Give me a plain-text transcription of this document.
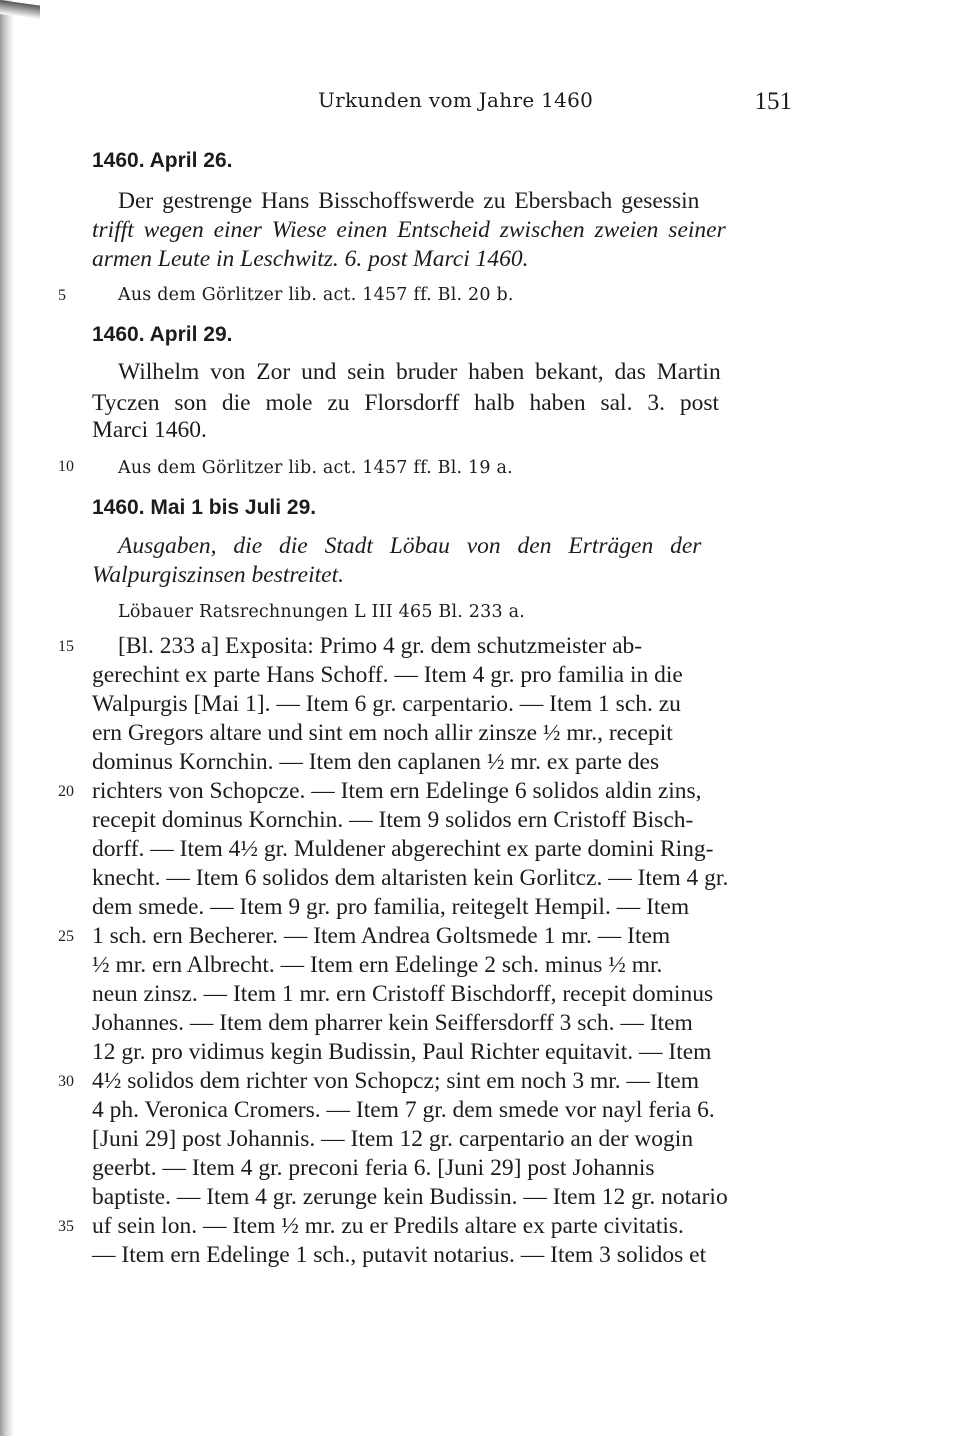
Urkunden vom Jahre 1460	151
1460. April 26.
Der gestrenge Hans Bisschoffswerde zu Ebersbach gesessin
trifft wegen einer Wiese einen Entscheid zwischen zweien seiner
armen Leute in Leschwitz. 6. post Marci 1460.
5	Aus dem Görlitzer lib. act. 1457 ff. Bl. 20 b.
1460. April 29.
Wilhelm von Zor und sein bruder haben bekant, das Martin
Tyczen son die mole zu Florsdorff halb haben sal. 3. post
Marci 1460.
10	Aus dem Görlitzer lib. act. 1457 ff. Bl. 19 a.
1460. Mai 1 bis Juli 29.
Ausgaben, die die Stadt Löbau von den Erträgen der
Walpurgiszinsen bestreitet.
Löbauer Ratsrechnungen L III 465 Bl. 233 a.
15	[Bl. 233 a] Exposita: Primo 4 gr. dem schutzmeister ab-
gerechint ex parte Hans Schoff. — Item 4 gr. pro familia in die
Walpurgis [Mai 1]. — Item 6 gr. carpentario. — Item 1 sch. zu
ern Gregors altare und sint em noch allir zinsze ½ mr., recepit
dominus Kornchin. — Item den caplanen ½ mr. ex parte des
20 richters von Schopcze. — Item ern Edelinge 6 solidos aldin zins,
recepit dominus Kornchin. — Item 9 solidos ern Cristoff Bisch-
dorff. — Item 4½ gr. Muldener abgerechint ex parte domini Ring-
knecht. — Item 6 solidos dem altaristen kein Gorlitcz. — Item 4 gr.
dem smede. — Item 9 gr. pro familia, reitegelt Hempil. — Item
25 1 sch. ern Becherer. — Item Andrea Goltsmede 1 mr. — Item
½ mr. ern Albrecht. — Item ern Edelinge 2 sch. minus ½ mr.
neun zinsz. — Item 1 mr. ern Cristoff Bischdorff, recepit dominus
Johannes. — Item dem pharrer kein Seiffersdorff 3 sch. — Item
12 gr. pro vidimus kegin Budissin, Paul Richter equitavit. — Item
30 4½ solidos dem richter von Schopcz; sint em noch 3 mr. — Item
4 ph. Veronica Cromers. — Item 7 gr. dem smede vor nayl feria 6.
[Juni 29] post Johannis. — Item 12 gr. carpentario an der wogin
geerbt. — Item 4 gr. preconi feria 6. [Juni 29] post Johannis
baptiste. — Item 4 gr. zerunge kein Budissin. — Item 12 gr. notario
35 uf sein lon. — Item ½ mr. zu er Predils altare ex parte civitatis.
— Item ern Edelinge 1 sch., putavit notarius. — Item 3 solidos et
